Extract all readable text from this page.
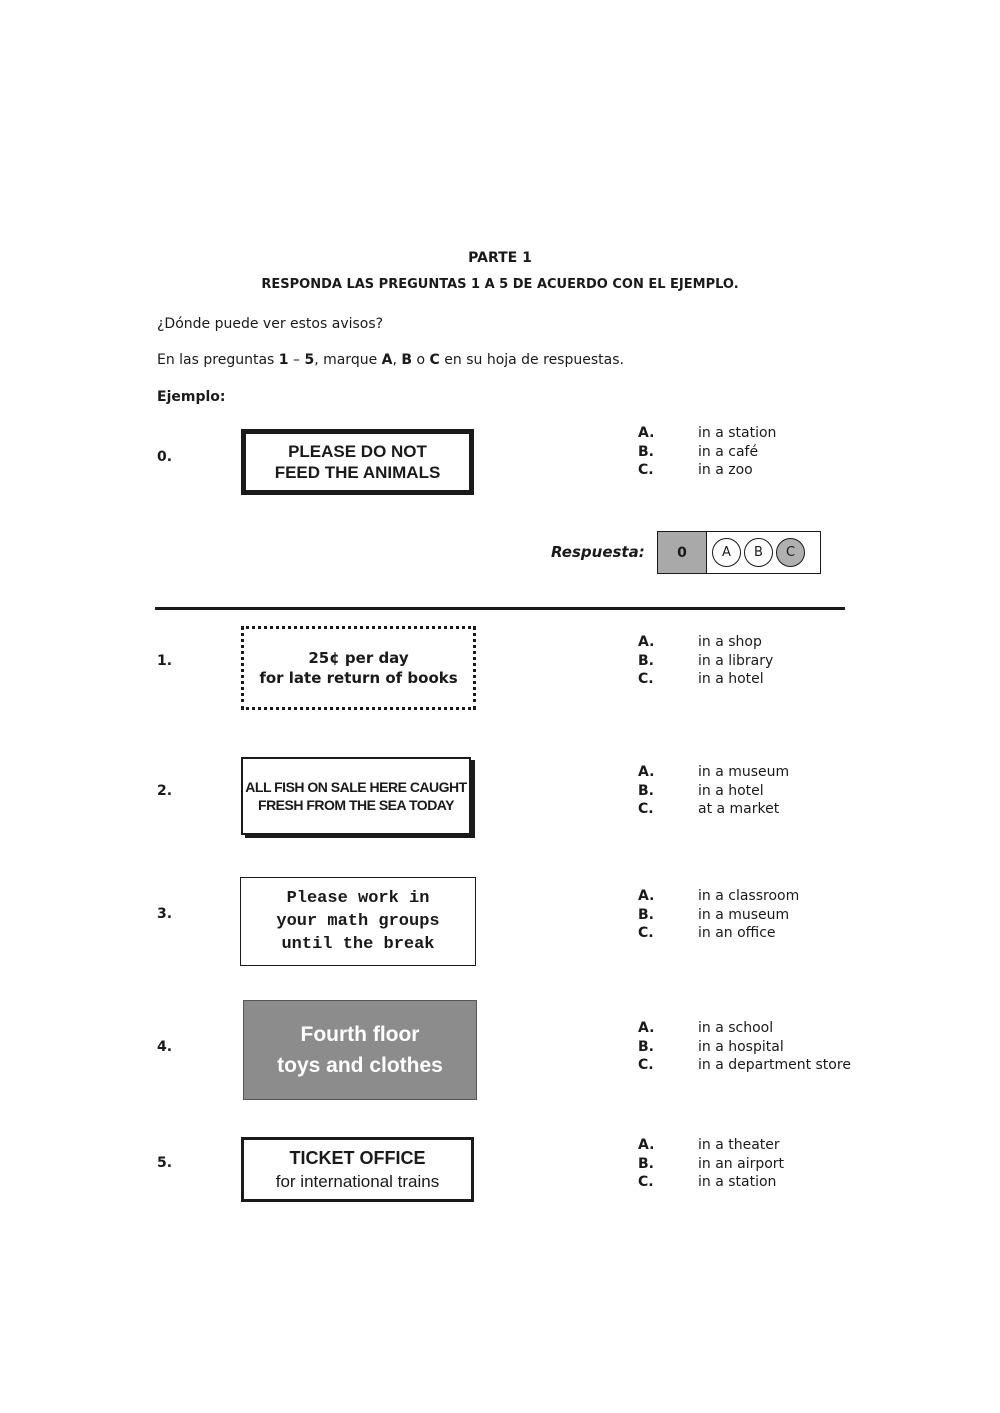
PARTE 1
RESPONDA LAS PREGUNTAS 1 A 5 DE ACUERDO CON EL EJEMPLO.
¿Dónde puede ver estos avisos?
En las preguntas 1 – 5, marque A, B o C en su hoja de respuestas.
Ejemplo:
0.	PLEASE DO NOT
FEED THE ANIMALS
A.	in a station
B.	in a café
C.	in a zoo
Respuesta:	0	A	B	C
1.	25¢ per day
for late return of books
A.	in a shop
B.	in a library
C.	in a hotel
2.	ALL FISH ON SALE HERE CAUGHT
FRESH FROM THE SEA TODAY
A.	in a museum
B.	in a hotel
C.	at a market
3.
Please work in
your math groups
until the break
A.	in a classroom
B.	in a museum
C.	in an office
4.
Fourth floor
toys and clothes
A.	in a school
B.	in a hospital
C.	in a department store
5.	TICKET OFFICE
for international trains
A.	in a theater
B.	in an airport
C.	in a station
